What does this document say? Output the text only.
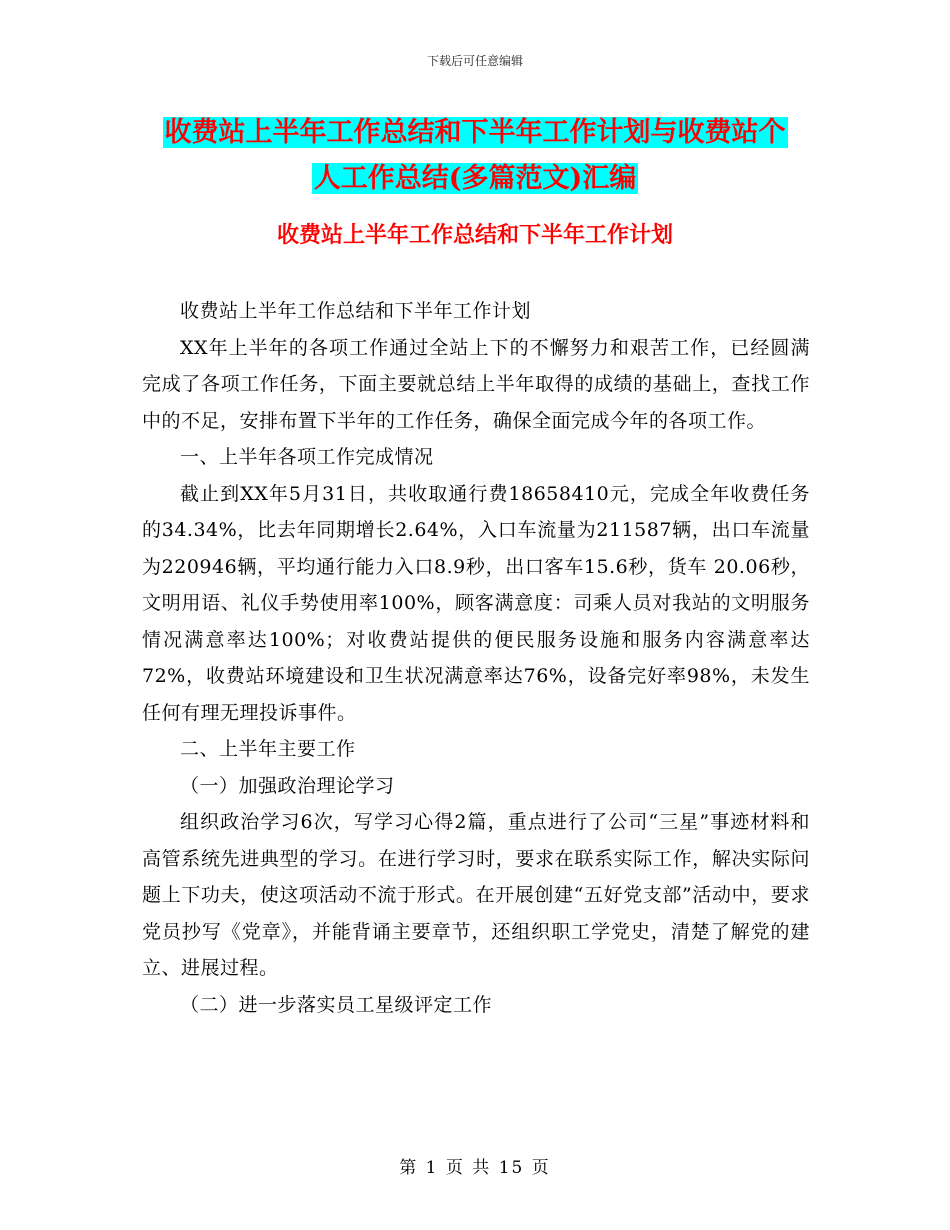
下载后可任意编辑
收费站上半年工作总结和下半年工作计划与收费站个
人工作总结(多篇范文)汇编
收费站上半年工作总结和下半年工作计划

收费站上半年工作总结和下半年工作计划

XX年上半年的各项工作通过全站上下的不懈努力和艰苦工作，已经圆满完成了各项工作任务，下面主要就总结上半年取得的成绩的基础上，查找工作中的不足，安排布置下半年的工作任务，确保全面完成今年的各项工作。

一、上半年各项工作完成情况

截止到XX年5月31日，共收取通行费18658410元，完成全年收费任务的34.34%，比去年同期增长2.64%，入口车流量为211587辆，出口车流量为220946辆，平均通行能力入口8.9秒，出口客车15.6秒，货车 20.06秒，文明用语、礼仪手势使用率100%，顾客满意度：司乘人员对我站的文明服务情况满意率达100%；对收费站提供的便民服务设施和服务内容满意率达72%，收费站环境建设和卫生状况满意率达76%，设备完好率98%，未发生任何有理无理投诉事件。

二、上半年主要工作

（一）加强政治理论学习

组织政治学习6次，写学习心得2篇，重点进行了公司“三星”事迹材料和高管系统先进典型的学习。在进行学习时，要求在联系实际工作，解决实际问题上下功夫，使这项活动不流于形式。在开展创建“五好党支部”活动中，要求党员抄写《党章》，并能背诵主要章节，还组织职工学党史，清楚了解党的建立、进展过程。

（二）进一步落实员工星级评定工作

第 1 页 共 15 页
